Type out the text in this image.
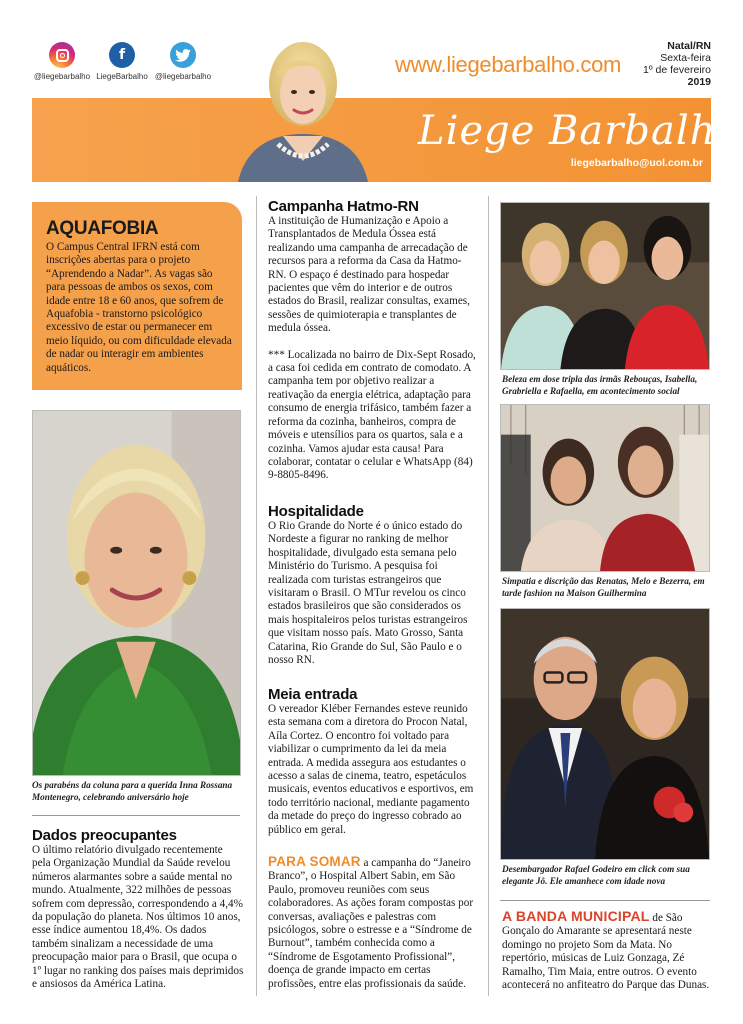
@liegebarbalho
f
LiegeBarbalho @liegebarbalho	www.liegebarbalho.com
Natal/RN
Sexta-feira
1º de fevereiro
2019
Liege Barbalho
liegebarbalho@uol.com.br
AQUAFOBIA

O Campus Central IFRN está com inscrições abertas para o projeto “Aprendendo a Nadar”. As vagas são para pessoas de ambos os sexos, com idade entre 18 e 60 anos, que sofrem de Aquafobia - transtorno psicológico excessivo de estar ou permanecer em meio líquido, ou com dificuldade elevada de nadar ou interagir em ambientes aquáticos.

Os parabéns da coluna para a querida Inna Rossana Montenegro, celebrando aniversário hoje
Dados preocupantes
O último relatório divulgado recentemente pela Organização Mundial da Saúde revelou números alarmantes sobre a saúde mental no mundo. Atualmente, 322 milhões de pessoas sofrem com depressão, correspondendo a 4,4% da população do planeta. Nos últimos 10 anos, esse índice aumentou 18,4%. Os dados também sinalizam a necessidade de uma preocupação maior para o Brasil, que ocupa o 1º lugar no ranking dos países mais deprimidos e ansiosos da América Latina.
Campanha Hatmo-RN
A instituição de Humanização e Apoio a Transplantados de Medula Óssea está realizando uma campanha de arrecadação de recursos para a reforma da Casa da Hatmo-RN. O espaço é destinado para hospedar pacientes que vêm do interior e de outros estados do Brasil, realizar consultas, exames, sessões de quimioterapia e transplantes de medula óssea.
*** Localizada no bairro de Dix-Sept Rosado, a casa foi cedida em contrato de comodato. A campanha tem por objetivo realizar a reativação da energia elétrica, adaptação para consumo de energia trifásico, também fazer a reforma da cozinha, banheiros, compra de móveis e utensílios para os quartos, sala e a cozinha. Vamos ajudar esta causa! Para colaborar, contatar o celular e WhatsApp (84) 9-8805-8496.
Hospitalidade
O Rio Grande do Norte é o único estado do Nordeste a figurar no ranking de melhor hospitalidade, divulgado esta semana pelo Ministério do Turismo. A pesquisa foi realizada com turistas estrangeiros que visitaram o Brasil. O MTur revelou os cinco estados brasileiros que são considerados os mais hospitaleiros pelos turistas estrangeiros que visitam nosso país. Mato Grosso, Santa Catarina, Rio Grande do Sul, São Paulo e o nosso RN.
Meia entrada
O vereador Kléber Fernandes esteve reunido esta semana com a diretora do Procon Natal, Aíla Cortez. O encontro foi voltado para viabilizar o cumprimento da lei da meia entrada. A medida assegura aos estudantes o acesso a salas de cinema, teatro, espetáculos musicais, eventos educativos e esportivos, em todo território nacional, mediante pagamento da metade do preço do ingresso cobrado ao público em geral.
PARA SOMAR a campanha do “Janeiro Branco”, o Hospital Albert Sabin, em São Paulo, promoveu reuniões com seus colaboradores. As ações foram compostas por conversas, avaliações e palestras com psicólogos, sobre o estresse e a “Síndrome de Burnout”, também conhecida como a “Síndrome de Esgotamento Profissional”, doença de grande impacto em certas profissões, entre elas profissionais da saúde.
Beleza em dose tripla das irmãs Rebouças, Isabella, Grabriella e Rafaella, em acontecimento social
Simpatia e discrição das Renatas, Melo e Bezerra, em tarde fashion na Maison Guilhermina
Desembargador Rafael Godeiro em click com sua elegante Jô. Ele amanhece com idade nova
A BANDA MUNICIPAL de São Gonçalo do Amarante se apresentará neste domingo no projeto Som da Mata. No repertório, músicas de Luiz Gonzaga, Zé Ramalho, Tim Maia, entre outros. O evento acontecerá no anfiteatro do Parque das Dunas.
